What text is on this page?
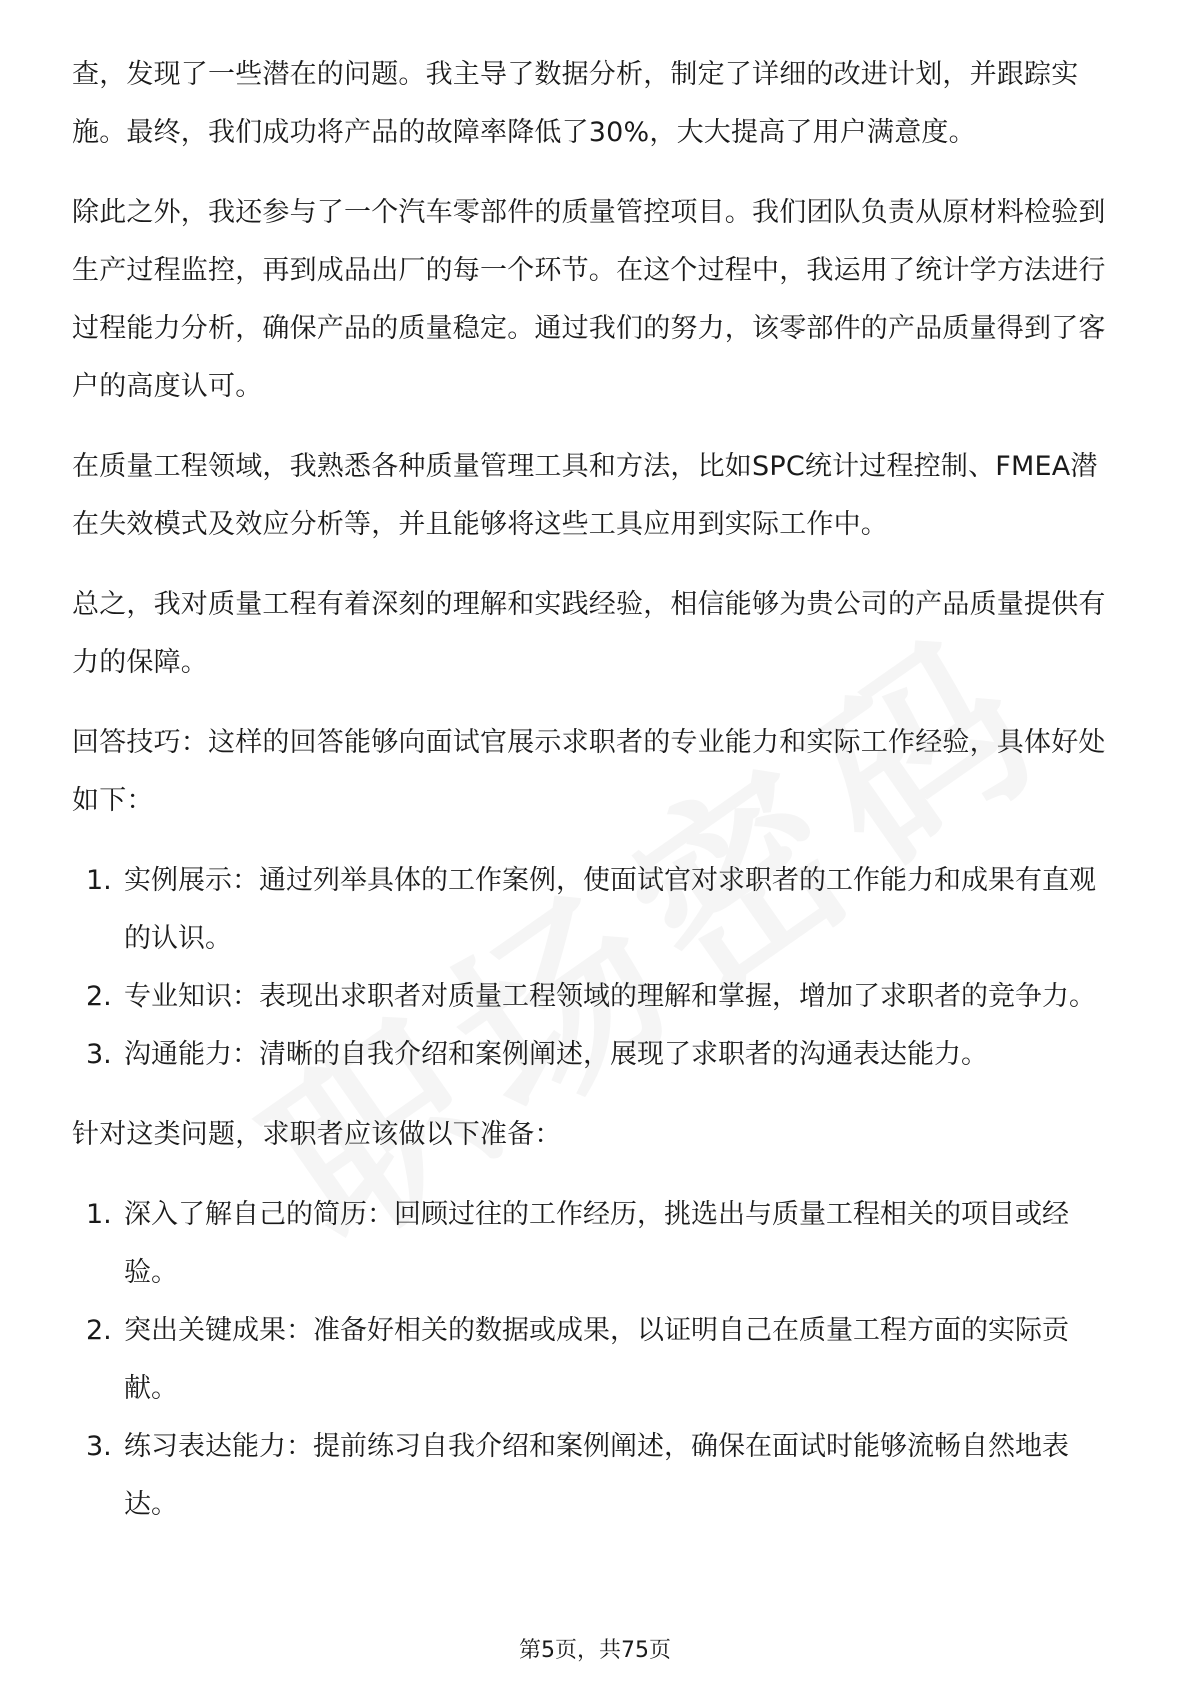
查，发现了一些潜在的问题。我主导了数据分析，制定了详细的改进计划，并跟踪实施。最终，我们成功将产品的故障率降低了30%，大大提高了用户满意度。

除此之外，我还参与了一个汽车零部件的质量管控项目。我们团队负责从原材料检验到生产过程监控，再到成品出厂的每一个环节。在这个过程中，我运用了统计学方法进行过程能力分析，确保产品的质量稳定。通过我们的努力，该零部件的产品质量得到了客户的高度认可。

在质量工程领域，我熟悉各种质量管理工具和方法，比如SPC统计过程控制、FMEA潜在失效模式及效应分析等，并且能够将这些工具应用到实际工作中。

总之，我对质量工程有着深刻的理解和实践经验，相信能够为贵公司的产品质量提供有力的保障。

回答技巧：这样的回答能够向面试官展示求职者的专业能力和实际工作经验，具体好处如下：

1. 实例展示：通过列举具体的工作案例，使面试官对求职者的工作能力和成果有直观的认识。
2. 专业知识：表现出求职者对质量工程领域的理解和掌握，增加了求职者的竞争力。
3. 沟通能力：清晰的自我介绍和案例阐述，展现了求职者的沟通表达能力。

针对这类问题，求职者应该做以下准备：

1. 深入了解自己的简历：回顾过往的工作经历，挑选出与质量工程相关的项目或经验。
2. 突出关键成果：准备好相关的数据或成果，以证明自己在质量工程方面的实际贡献。
3. 练习表达能力：提前练习自我介绍和案例阐述，确保在面试时能够流畅自然地表达。
第5页，共75页
